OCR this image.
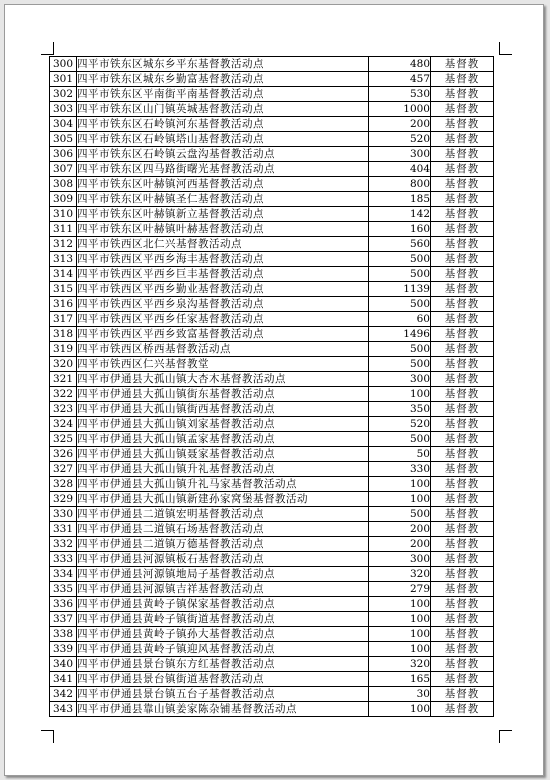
300	四平市铁东区城东乡平东基督教活动点	480	基督教
301	四平市铁东区城东乡勤富基督教活动点	457	基督教
302	四平市铁东区平南街平南基督教活动点	530	基督教
303	四平市铁东区山门镇英城基督教活动点	1000	基督教
304	四平市铁东区石岭镇河东基督教活动点	200	基督教
305	四平市铁东区石岭镇塔山基督教活动点	520	基督教
306	四平市铁东区石岭镇云盘沟基督教活动点	300	基督教
307	四平市铁东区四马路街曙光基督教活动点	404	基督教
308	四平市铁东区叶赫镇河西基督教活动点	800	基督教
309	四平市铁东区叶赫镇圣仁基督教活动点	185	基督教
310	四平市铁东区叶赫镇新立基督教活动点	142	基督教
311	四平市铁东区叶赫镇叶赫基督教活动点	160	基督教
312	四平市铁西区北仁兴基督教活动点	560	基督教
313	四平市铁西区平西乡海丰基督教活动点	500	基督教
314	四平市铁西区平西乡巨丰基督教活动点	500	基督教
315	四平市铁西区平西乡勤业基督教活动点	1139	基督教
316	四平市铁西区平西乡泉沟基督教活动点	500	基督教
317	四平市铁西区平西乡任家基督教活动点	60	基督教
318	四平市铁西区平西乡致富基督教活动点	1496	基督教
319	四平市铁西区桥西基督教活动点	500	基督教
320	四平市铁西区仁兴基督教堂	500	基督教
321	四平市伊通县大孤山镇大杏木基督教活动点	300	基督教
322	四平市伊通县大孤山镇街东基督教活动点	100	基督教
323	四平市伊通县大孤山镇街西基督教活动点	350	基督教
324	四平市伊通县大孤山镇刘家基督教活动点	520	基督教
325	四平市伊通县大孤山镇孟家基督教活动点	500	基督教
326	四平市伊通县大孤山镇聂家基督教活动点	50	基督教
327	四平市伊通县大孤山镇升礼基督教活动点	330	基督教
328	四平市伊通县大孤山镇升礼马家基督教活动点	100	基督教
329	四平市伊通县大孤山镇新建孙家窝堡基督教活动	100	基督教
330	四平市伊通县二道镇宏明基督教活动点	500	基督教
331	四平市伊通县二道镇石场基督教活动点	200	基督教
332	四平市伊通县二道镇万德基督教活动点	200	基督教
333	四平市伊通县河源镇板石基督教活动点	300	基督教
334	四平市伊通县河源镇地局子基督教活动点	320	基督教
335	四平市伊通县河源镇吉祥基督教活动点	279	基督教
336	四平市伊通县黄岭子镇保家基督教活动点	100	基督教
337	四平市伊通县黄岭子镇街道基督教活动点	100	基督教
338	四平市伊通县黄岭子镇孙大基督教活动点	100	基督教
339	四平市伊通县黄岭子镇迎风基督教活动点	100	基督教
340	四平市伊通县景台镇东方红基督教活动点	320	基督教
341	四平市伊通县景台镇街道基督教活动点	165	基督教
342	四平市伊通县景台镇五台子基督教活动点	30	基督教
343	四平市伊通县靠山镇姜家陈杂铺基督教活动点	100	基督教
